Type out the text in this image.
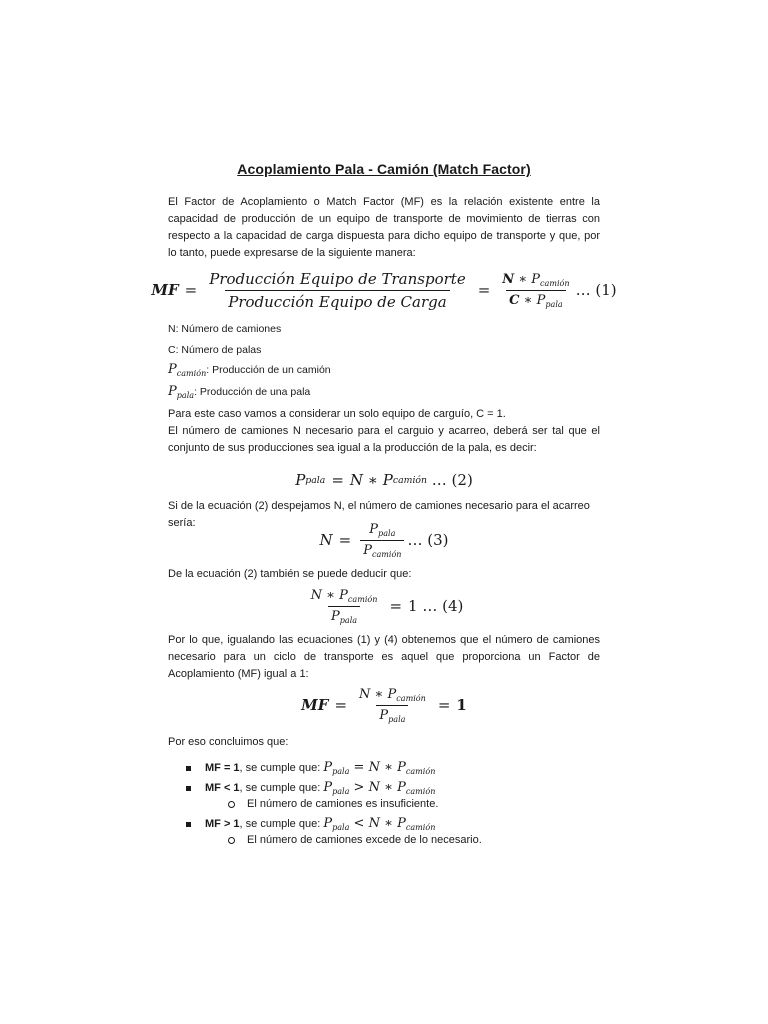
Acoplamiento Pala - Camión (Match Factor)
El Factor de Acoplamiento o Match Factor (MF) es la relación existente entre la capacidad de producción de un equipo de transporte de movimiento de tierras con respecto a la capacidad de carga dispuesta para dicho equipo de transporte y que, por lo tanto, puede expresarse de la siguiente manera:
MF = $\frac{\text{Producción Equipo de Transporte}}{\text{Producción Equipo de Carga}} = \frac{N ∗ P_{camión}}{C ∗ P_{pala}}$ … (1)
N: Número de camiones
C: Número de palas
$P_{camión}$: Producción de un camión
$P_{pala}$: Producción de una pala
Para este caso vamos a considerar un solo equipo de carguío, C = 1.
El número de camiones N necesario para el carguio y acarreo, deberá ser tal que el conjunto de sus producciones sea igual a la producción de la pala, es decir:
P pala = N
∗
P camión
… (2)
Si de la ecuación (2) despejamos N, el número de camiones necesario para el acarreo sería:
$N = \frac{P_{pala}}{P_{camión}}$ … (3)
De la ecuación (2) también se puede deducir que:
$\frac{N ∗ P_{camión}}{P_{pala}} = 1$ … (4)
Por lo que, igualando las ecuaciones (1) y (4) obtenemos que el número de camiones necesario para un ciclo de transporte es aquel que proporciona un Factor de Acoplamiento (MF) igual a 1:
MF = $\frac{N ∗ P_{camión}}{P_{pala}} = 1$
Por eso concluimos que:
MF = 1, se cumple que: $P_{pala} = N$ ∗ $P_{camión}$
MF < 1, se cumple que: $P_{pala} > N$ ∗ $P_{camión}$
El número de camiones es insuficiente.
MF > 1, se cumple que: $P_{pala} < N$ ∗ $P_{camión}$
El número de camiones excede de lo necesario.
